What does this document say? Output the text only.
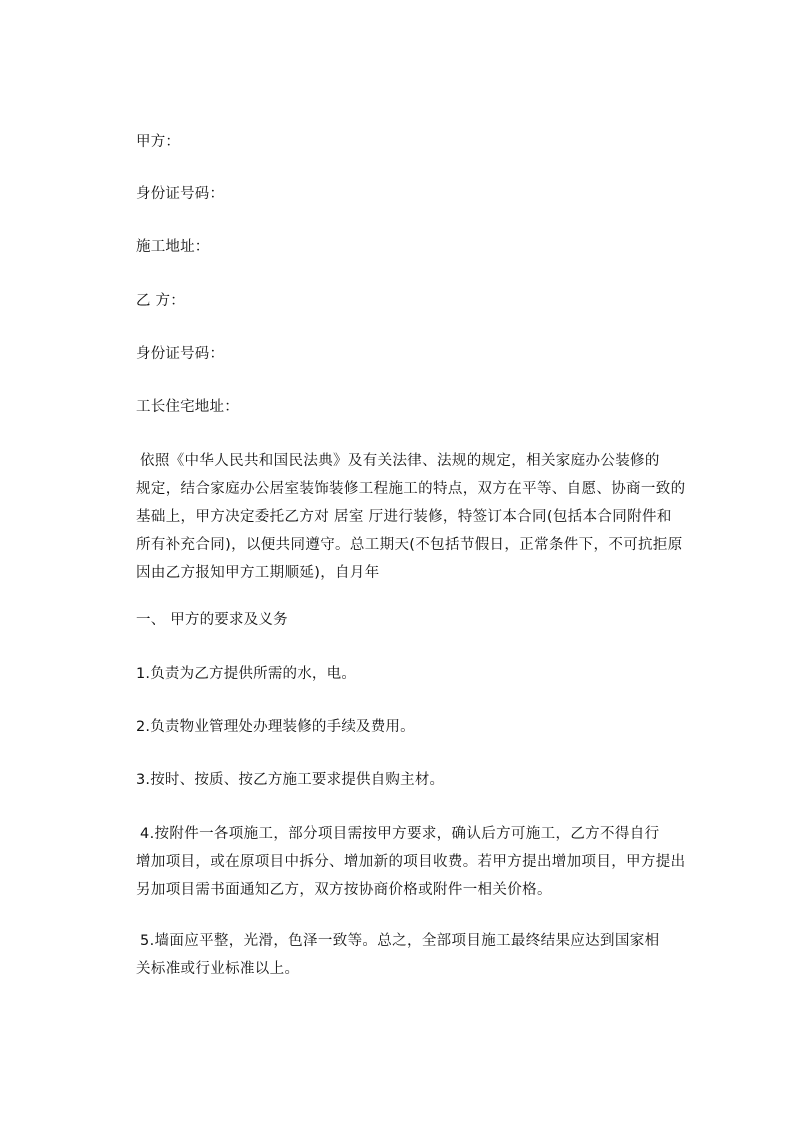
甲方：
身份证号码：
施工地址：
乙 方：
身份证号码：
工长住宅地址：
依照《中华人民共和国民法典》及有关法律、法规的规定，相关家庭办公装修的
规定，结合家庭办公居室装饰装修工程施工的特点，双方在平等、自愿、协商一致的
基础上，甲方决定委托乙方对 居室 厅进行装修，特签订本合同(包括本合同附件和
所有补充合同)，以便共同遵守。总工期天(不包括节假日，正常条件下，不可抗拒原
因由乙方报知甲方工期顺延)，自月年
一、 甲方的要求及义务
1.负责为乙方提供所需的水，电。
2.负责物业管理处办理装修的手续及费用。
3.按时、按质、按乙方施工要求提供自购主材。
4.按附件一各项施工，部分项目需按甲方要求，确认后方可施工，乙方不得自行
增加项目，或在原项目中拆分、增加新的项目收费。若甲方提出增加项目，甲方提出
另加项目需书面通知乙方，双方按协商价格或附件一相关价格。
5.墙面应平整，光滑，色泽一致等。总之，全部项目施工最终结果应达到国家相
关标准或行业标准以上。
